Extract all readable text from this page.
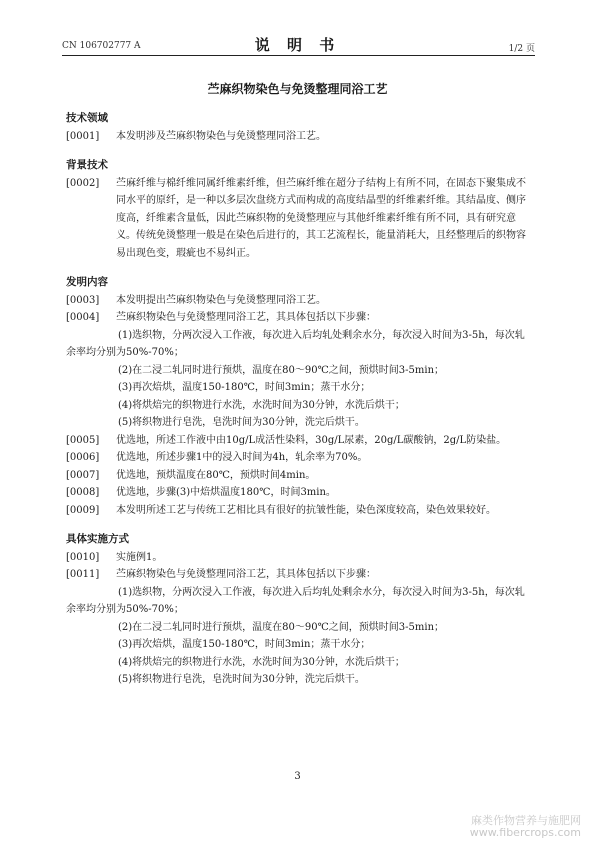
CN 106702777 A	说 明 书	1/2 页
苎麻织物染色与免烫整理同浴工艺
技术领域
[0001]	本发明涉及苎麻织物染色与免烫整理同浴工艺。
背景技术
[0002]	苎麻纤维与棉纤维同属纤维素纤维，但苎麻纤维在超分子结构上有所不同，在固态下聚集成不同水平的原纤，是一种以多层次盘绕方式而构成的高度结晶型的纤维素纤维。其结晶度、侧序度高，纤维素含量低，因此苎麻织物的免烫整理应与其他纤维素纤维有所不同，具有研究意义。传统免烫整理一般是在染色后进行的，其工艺流程长，能量消耗大，且经整理后的织物容易出现色变，瑕疵也不易纠正。
发明内容
[0003]	本发明提出苎麻织物染色与免烫整理同浴工艺。
[0004]	苎麻织物染色与免烫整理同浴工艺，其具体包括以下步骤：
(1)选织物，分两次浸入工作液，每次进入后均轧处剩余水分，每次浸入时间为3-5h，每次轧余率均分别为50%-70%；
(2)在二浸二轧同时进行预烘，温度在80～90℃之间，预烘时间3-5min；
(3)再次焙烘，温度150-180℃，时间3min；蒸干水分；
(4)将烘焙完的织物进行水洗，水洗时间为30分钟，水洗后烘干；
(5)将织物进行皂洗，皂洗时间为30分钟，洗完后烘干。
[0005]	优选地，所述工作液中由10g/L成活性染料，30g/L尿素，20g/L碳酸钠，2g/L防染盐。
[0006]	优选地，所述步骤1中的浸入时间为4h，轧余率为70%。
[0007]	优选地，预烘温度在80℃，预烘时间4min。
[0008]	优选地，步骤(3)中焙烘温度180℃，时间3min。
[0009]	本发明所述工艺与传统工艺相比具有很好的抗皱性能，染色深度较高，染色效果较好。
具体实施方式
[0010]	实施例1。
[0011]	苎麻织物染色与免烫整理同浴工艺，其具体包括以下步骤：
(1)选织物，分两次浸入工作液，每次进入后均轧处剩余水分，每次浸入时间为3-5h，每次轧余率均分别为50%-70%；
(2)在二浸二轧同时进行预烘，温度在80～90℃之间，预烘时间3-5min；
(3)再次焙烘，温度150-180℃，时间3min；蒸干水分；
(4)将烘焙完的织物进行水洗，水洗时间为30分钟，水洗后烘干；
(5)将织物进行皂洗，皂洗时间为30分钟，洗完后烘干。
3
麻类作物营养与施肥网
www.fibercrops.com
